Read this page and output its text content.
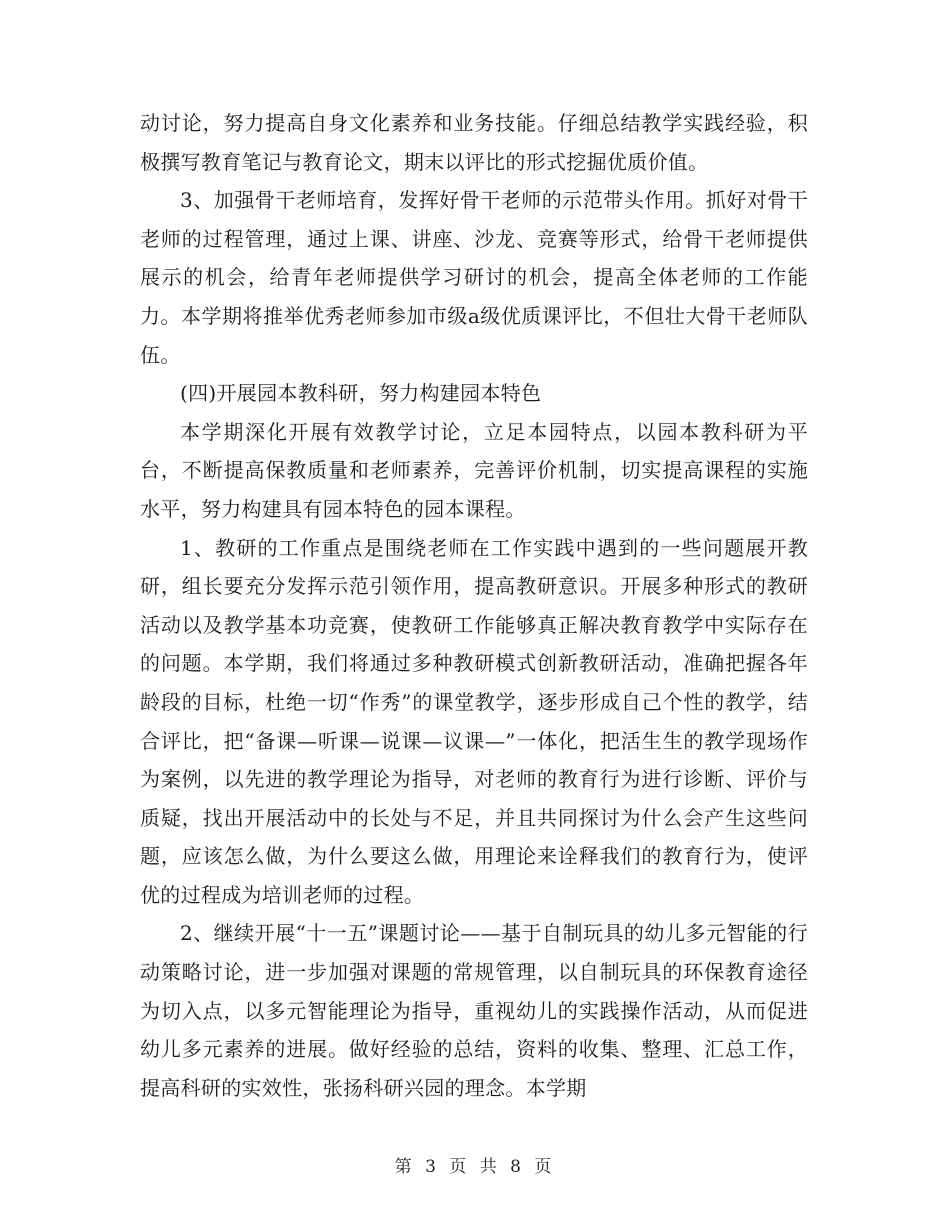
动讨论，努力提高自身文化素养和业务技能。仔细总结教学实践经验，积极撰写教育笔记与教育论文，期末以评比的形式挖掘优质价值。

3、加强骨干老师培育，发挥好骨干老师的示范带头作用。抓好对骨干老师的过程管理，通过上课、讲座、沙龙、竞赛等形式，给骨干老师提供展示的机会，给青年老师提供学习研讨的机会，提高全体老师的工作能力。本学期将推举优秀老师参加市级a级优质课评比，不但壮大骨干老师队伍。

(四)开展园本教科研，努力构建园本特色

本学期深化开展有效教学讨论，立足本园特点，以园本教科研为平台，不断提高保教质量和老师素养，完善评价机制，切实提高课程的实施水平，努力构建具有园本特色的园本课程。

1、教研的工作重点是围绕老师在工作实践中遇到的一些问题展开教研，组长要充分发挥示范引领作用，提高教研意识。开展多种形式的教研活动以及教学基本功竞赛，使教研工作能够真正解决教育教学中实际存在的问题。本学期，我们将通过多种教研模式创新教研活动，准确把握各年龄段的目标，杜绝一切“作秀”的课堂教学，逐步形成自己个性的教学，结合评比，把“备课—听课—说课—议课—”一体化，把活生生的教学现场作为案例，以先进的教学理论为指导，对老师的教育行为进行诊断、评价与质疑，找出开展活动中的长处与不足，并且共同探讨为什么会产生这些问题，应该怎么做，为什么要这么做，用理论来诠释我们的教育行为，使评优的过程成为培训老师的过程。

2、继续开展“十一五”课题讨论——基于自制玩具的幼儿多元智能的行动策略讨论，进一步加强对课题的常规管理，以自制玩具的环保教育途径为切入点，以多元智能理论为指导，重视幼儿的实践操作活动，从而促进幼儿多元素养的进展。做好经验的总结，资料的收集、整理、汇总工作，提高科研的实效性，张扬科研兴园的理念。本学期

第 3 页 共 8 页
